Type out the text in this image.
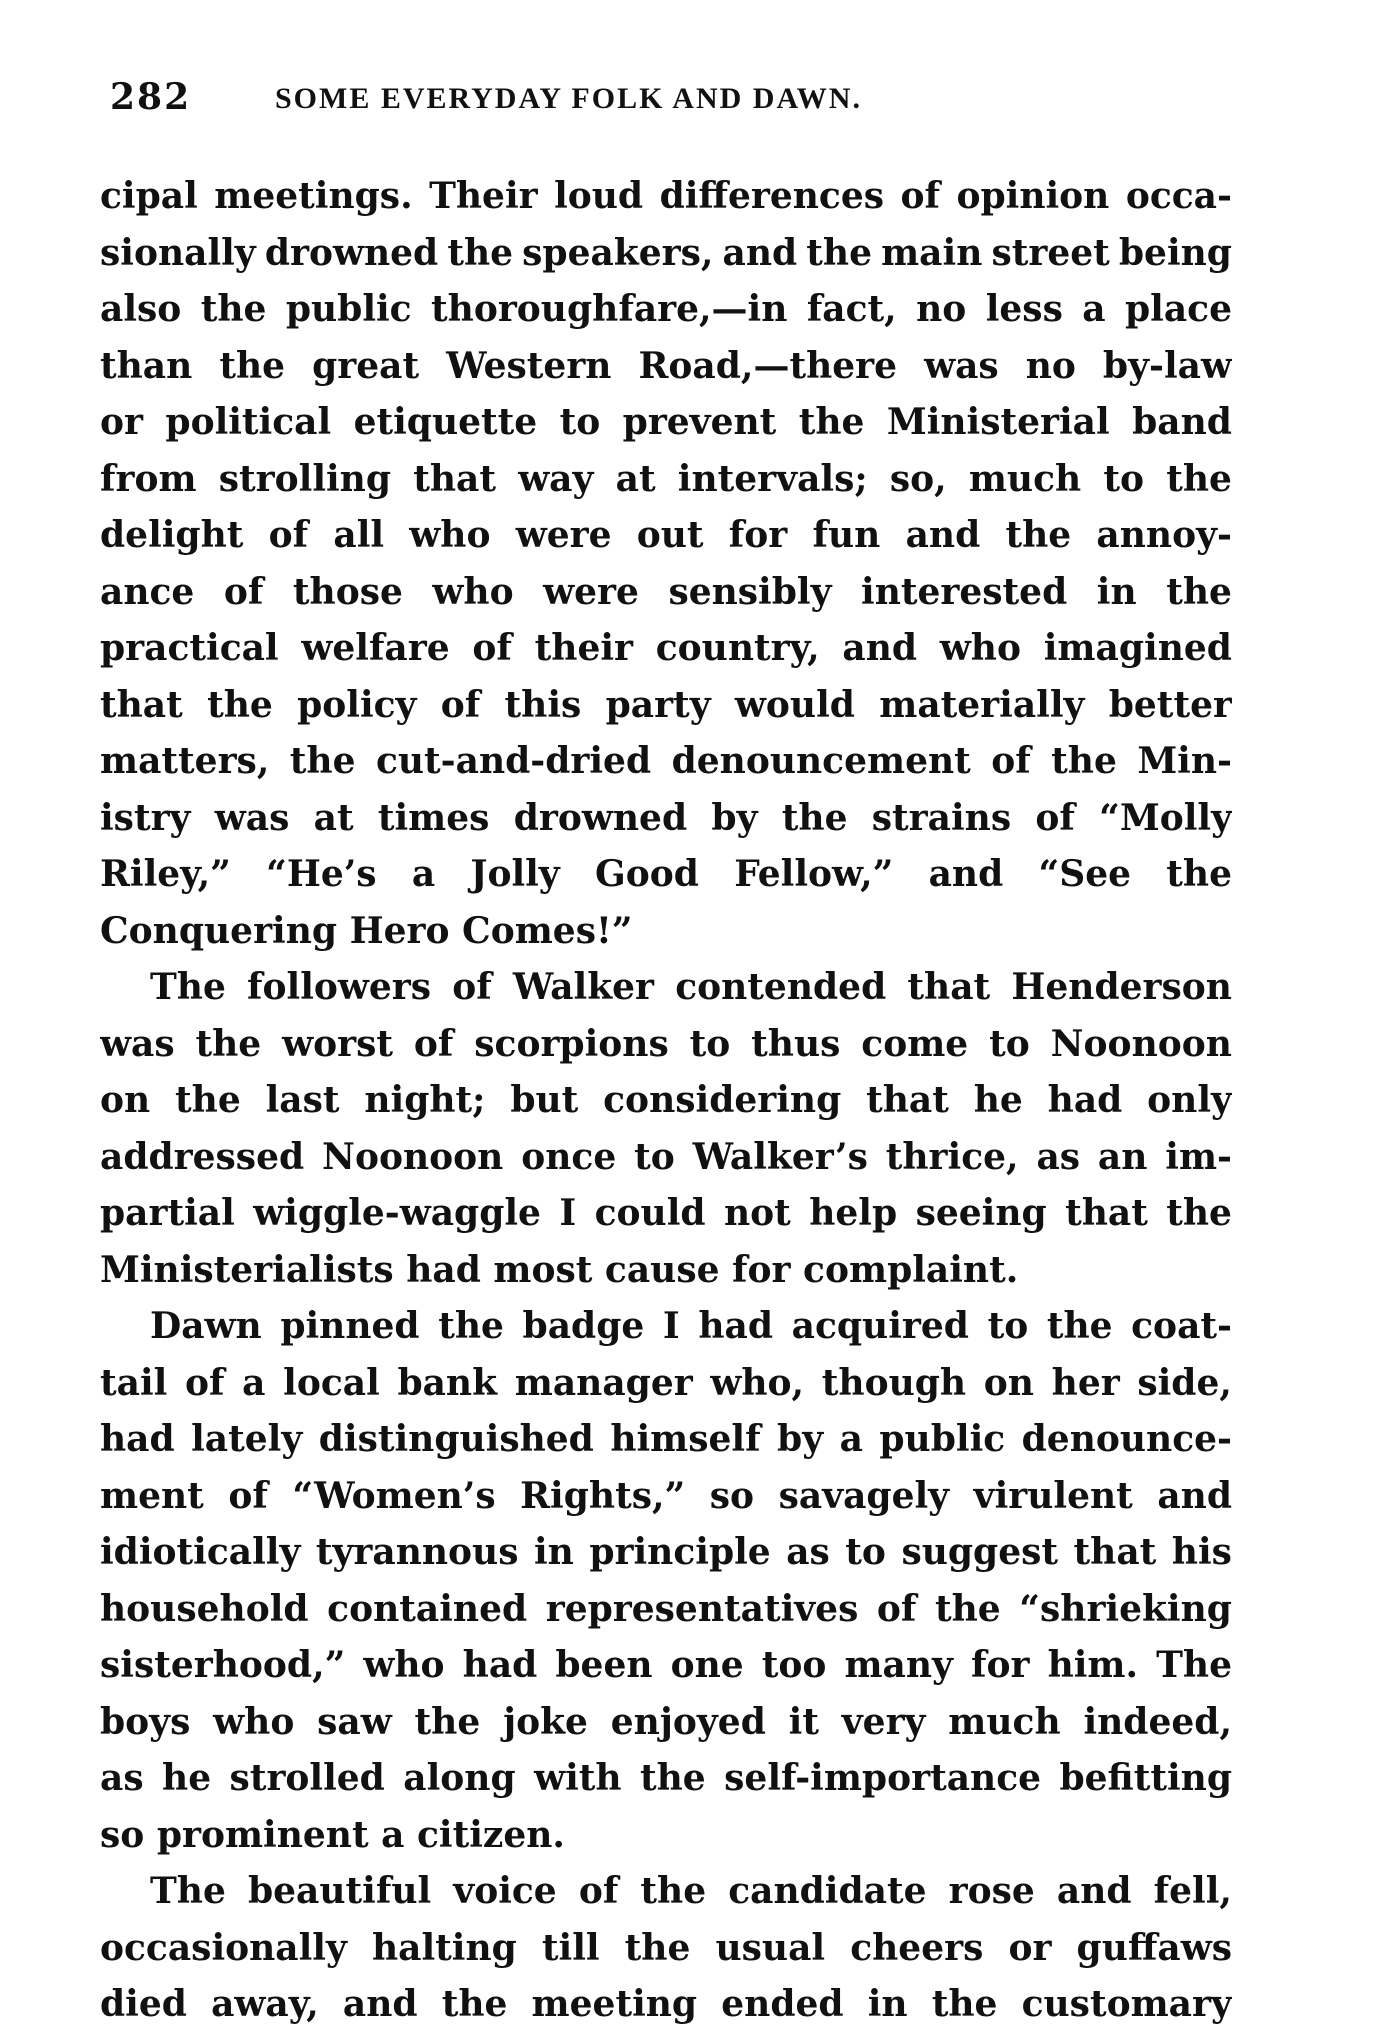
282	SOME EVERYDAY FOLK AND DAWN.

cipal meetings. Their loud differences of opinion occa-
sionally drowned the speakers, and the main street being
also the public thoroughfare,—in fact, no less a place
than the great Western Road,—there was no by-law
or political etiquette to prevent the Ministerial band
from strolling that way at intervals; so, much to the
delight of all who were out for fun and the annoy-
ance of those who were sensibly interested in the
practical welfare of their country, and who imagined
that the policy of this party would materially better
matters, the cut-and-dried denouncement of the Min-
istry was at times drowned by the strains of “Molly
Riley,” “He’s a Jolly Good Fellow,” and “See the
Conquering Hero Comes!”

The followers of Walker contended that Henderson
was the worst of scorpions to thus come to Noonoon
on the last night; but considering that he had only
addressed Noonoon once to Walker’s thrice, as an im-
partial wiggle-waggle I could not help seeing that the
Ministerialists had most cause for complaint.

Dawn pinned the badge I had acquired to the coat-
tail of a local bank manager who, though on her side,
had lately distinguished himself by a public denounce-
ment of “Women’s Rights,” so savagely virulent and
idiotically tyrannous in principle as to suggest that his
household contained representatives of the “shrieking
sisterhood,” who had been one too many for him. The
boys who saw the joke enjoyed it very much indeed,
as he strolled along with the self-importance befitting
so prominent a citizen.

The beautiful voice of the candidate rose and fell,
occasionally halting till the usual cheers or guffaws
died away, and the meeting ended in the customary
